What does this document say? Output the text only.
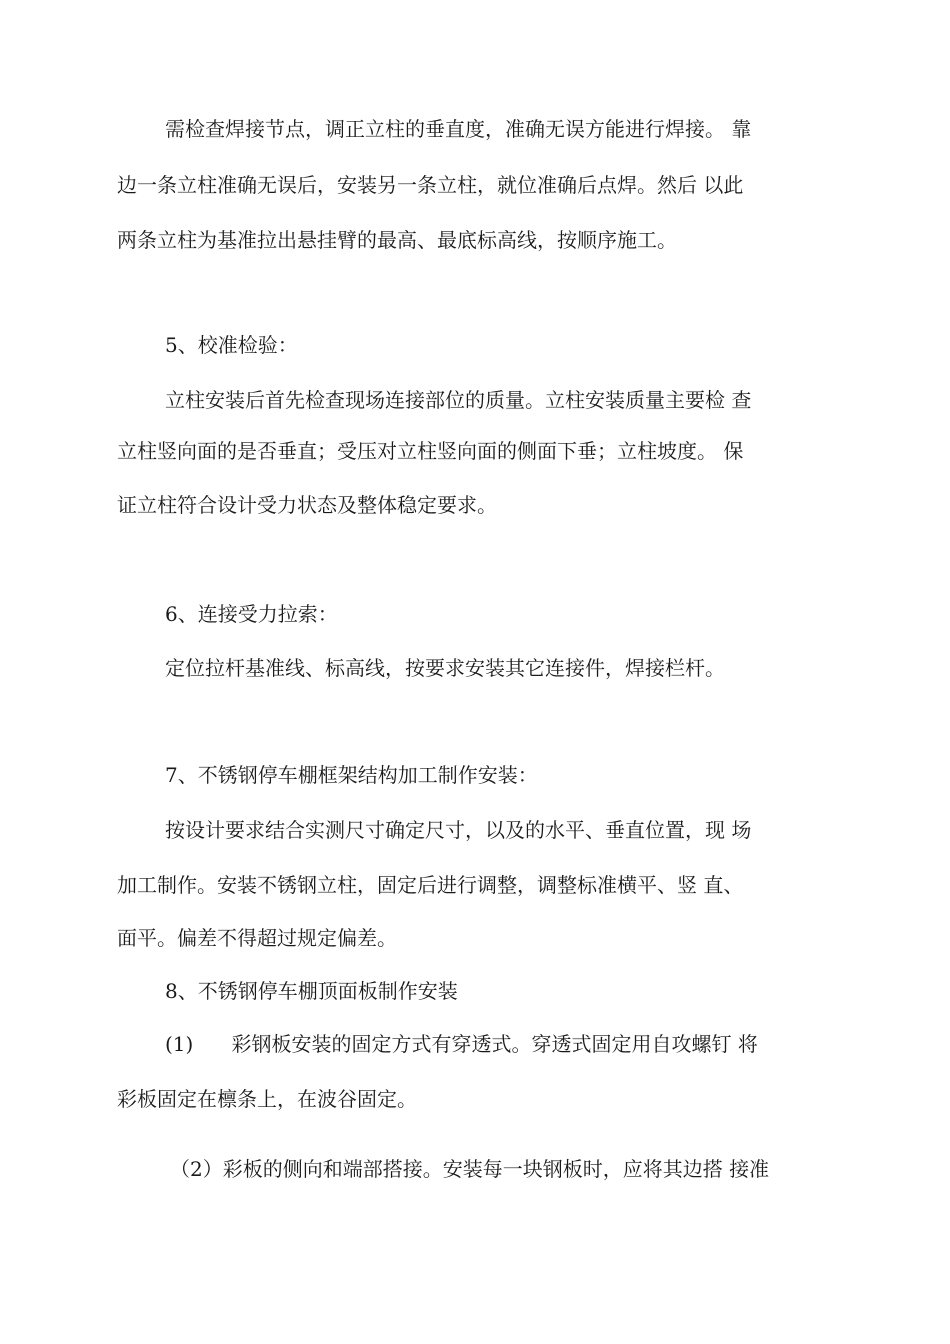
需检查焊接节点，调正立柱的垂直度，准确无误方能进行焊接。 靠
边一条立柱准确无误后，安装另一条立柱，就位准确后点焊。然后 以此
两条立柱为基准拉出悬挂臂的最高、最底标高线，按顺序施工。
5、校准检验：
立柱安装后首先检查现场连接部位的质量。立柱安装质量主要检 查
立柱竖向面的是否垂直；受压对立柱竖向面的侧面下垂；立柱坡度。 保
证立柱符合设计受力状态及整体稳定要求。
6、连接受力拉索：
定位拉杆基准线、标高线，按要求安装其它连接件，焊接栏杆。
7、不锈钢停车棚框架结构加工制作安装：
按设计要求结合实测尺寸确定尺寸，以及的水平、垂直位置，现 场
加工制作。安装不锈钢立柱，固定后进行调整，调整标准横平、竖 直、
面平。偏差不得超过规定偏差。
8、不锈钢停车棚顶面板制作安装
(1)      彩钢板安装的固定方式有穿透式。穿透式固定用自攻螺钉 将
彩板固定在檩条上，在波谷固定。
（2）彩板的侧向和端部搭接。安装每一块钢板时，应将其边搭 接准
